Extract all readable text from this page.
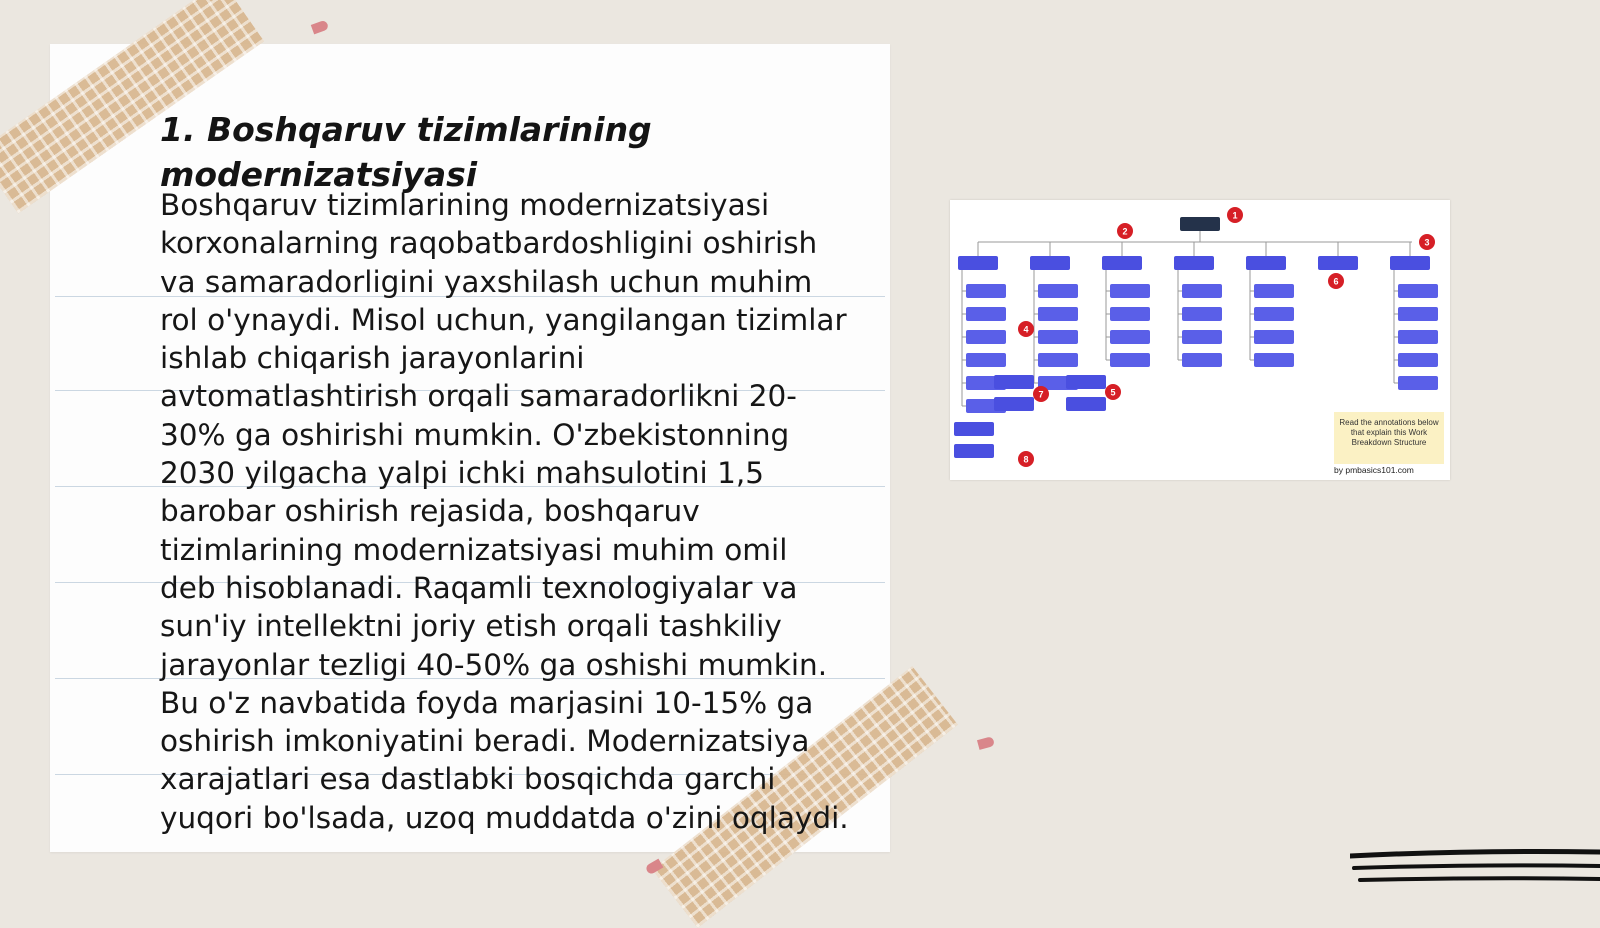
1. Boshqaruv tizimlarining modernizatsiyasi

Boshqaruv tizimlarining modernizatsiyasi korxonalarning raqobatbardoshligini oshirish va samaradorligini yaxshilash uchun muhim rol o'ynaydi. Misol uchun, yangilangan tizimlar ishlab chiqarish jarayonlarini avtomatlashtirish orqali samaradorlikni 20-30% ga oshirishi mumkin. O'zbekistonning 2030 yilgacha yalpi ichki mahsulotini 1,5 barobar oshirish rejasida, boshqaruv tizimlarining modernizatsiyasi muhim omil deb hisoblanadi. Raqamli texnologiyalar va sun'iy intellektni joriy etish orqali tashkiliy jarayonlar tezligi 40-50% ga oshishi mumkin. Bu o'z navbatida foyda marjasini 10-15% ga oshirish imkoniyatini beradi. Modernizatsiya xarajatlari esa dastlabki bosqichda garchi yuqori bo'lsada, uzoq muddatda o'zini oqlaydi.

1
2
3
4
5
6
7
8
Read the annotations below that explain this Work Breakdown Structure
by pmbasics101.com
